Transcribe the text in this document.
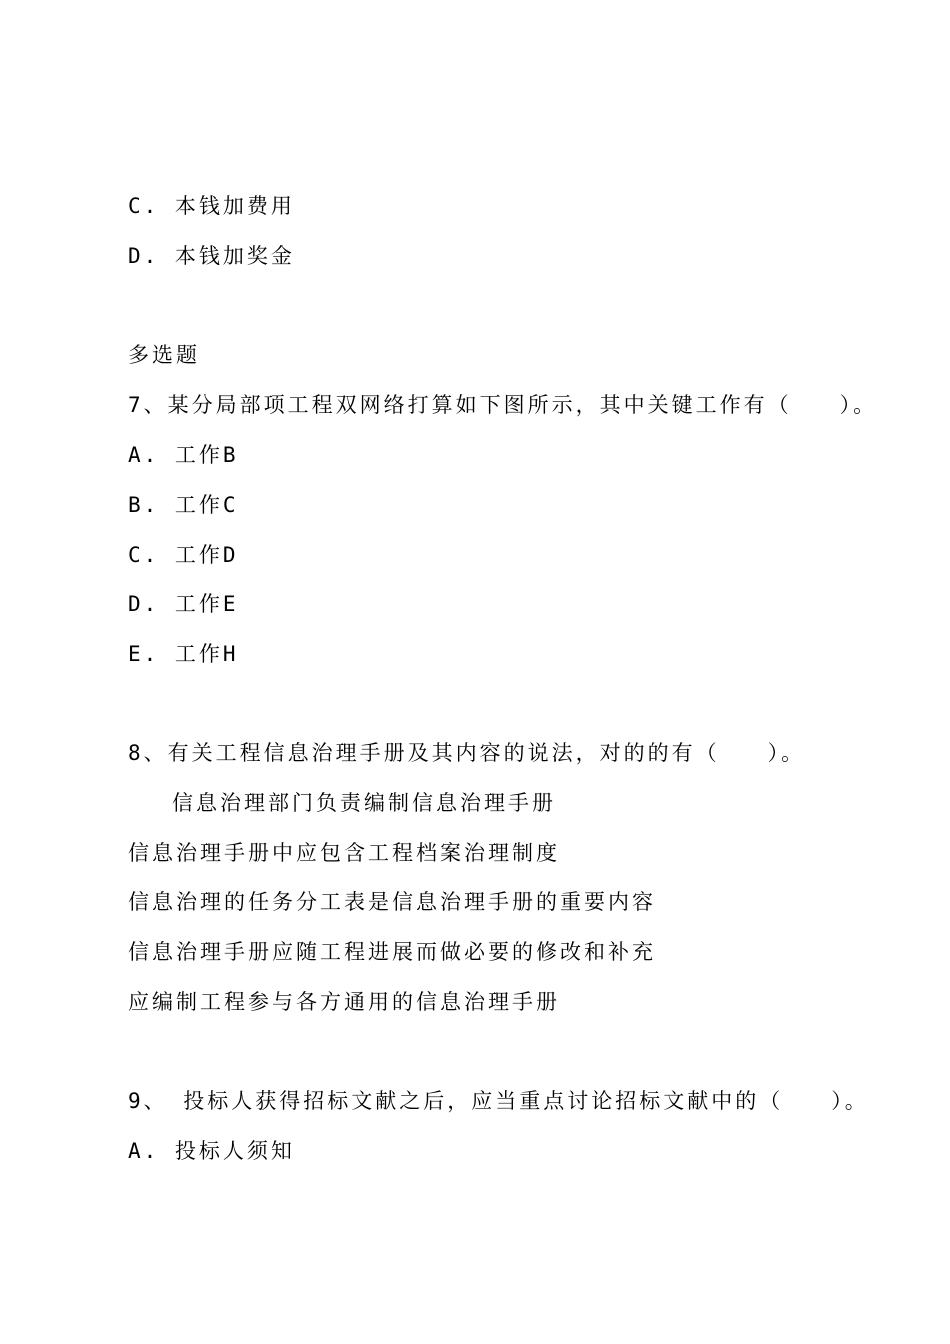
C. 本钱加费用
D. 本钱加奖金
多选题
7、某分局部项工程双网络打算如下图所示，其中关键工作有（　　）。
A. 工作B
B. 工作C
C. 工作D
D. 工作E
E. 工作H
8、有关工程信息治理手册及其内容的说法，对的的有（　　）。
信息治理部门负责编制信息治理手册
信息治理手册中应包含工程档案治理制度
信息治理的任务分工表是信息治理手册的重要内容
信息治理手册应随工程进展而做必要的修改和补充
应编制工程参与各方通用的信息治理手册
9、 投标人获得招标文献之后，应当重点讨论招标文献中的（　　）。
A. 投标人须知
